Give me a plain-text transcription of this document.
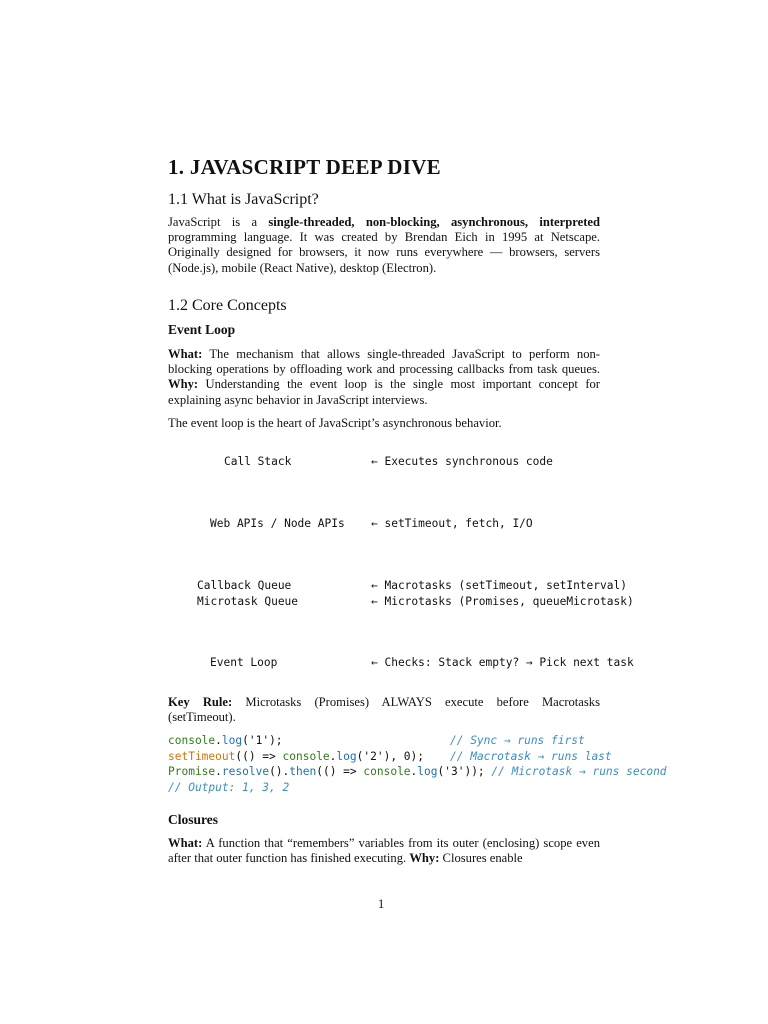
1. JAVASCRIPT DEEP DIVE
1.1 What is JavaScript?
JavaScript is a single-threaded, non-blocking, asynchronous, interpreted programming language. It was created by Brendan Eich in 1995 at Netscape. Originally designed for browsers, it now runs everywhere — browsers, servers (Node.js), mobile (React Native), desktop (Electron).
1.2 Core Concepts
Event Loop
What: The mechanism that allows single-threaded JavaScript to perform non-blocking operations by offloading work and processing callbacks from task queues. Why: Understanding the event loop is the single most important concept for explaining async behavior in JavaScript interviews.
The event loop is the heart of JavaScript’s asynchronous behavior.
Call Stack	← Executes synchronous code
Web APIs / Node APIs ← setTimeout, fetch, I/O
Callback Queue	← Macrotasks (setTimeout, setInterval)
Microtask Queue	← Microtasks (Promises, queueMicrotask)
Event Loop	← Checks: Stack empty? → Pick next task
Key Rule: Microtasks (Promises) ALWAYS execute before Macrotasks (setTimeout).
console.log('1');	// Sync → runs first
setTimeout(() => console.log('2'), 0); // Macrotask → runs last
Promise.resolve().then(() => console.log('3')); // Microtask → runs second
// Output: 1, 3, 2
Closures
What: A function that “remembers” variables from its outer (enclosing) scope even after that outer function has finished executing. Why: Closures enable
1
